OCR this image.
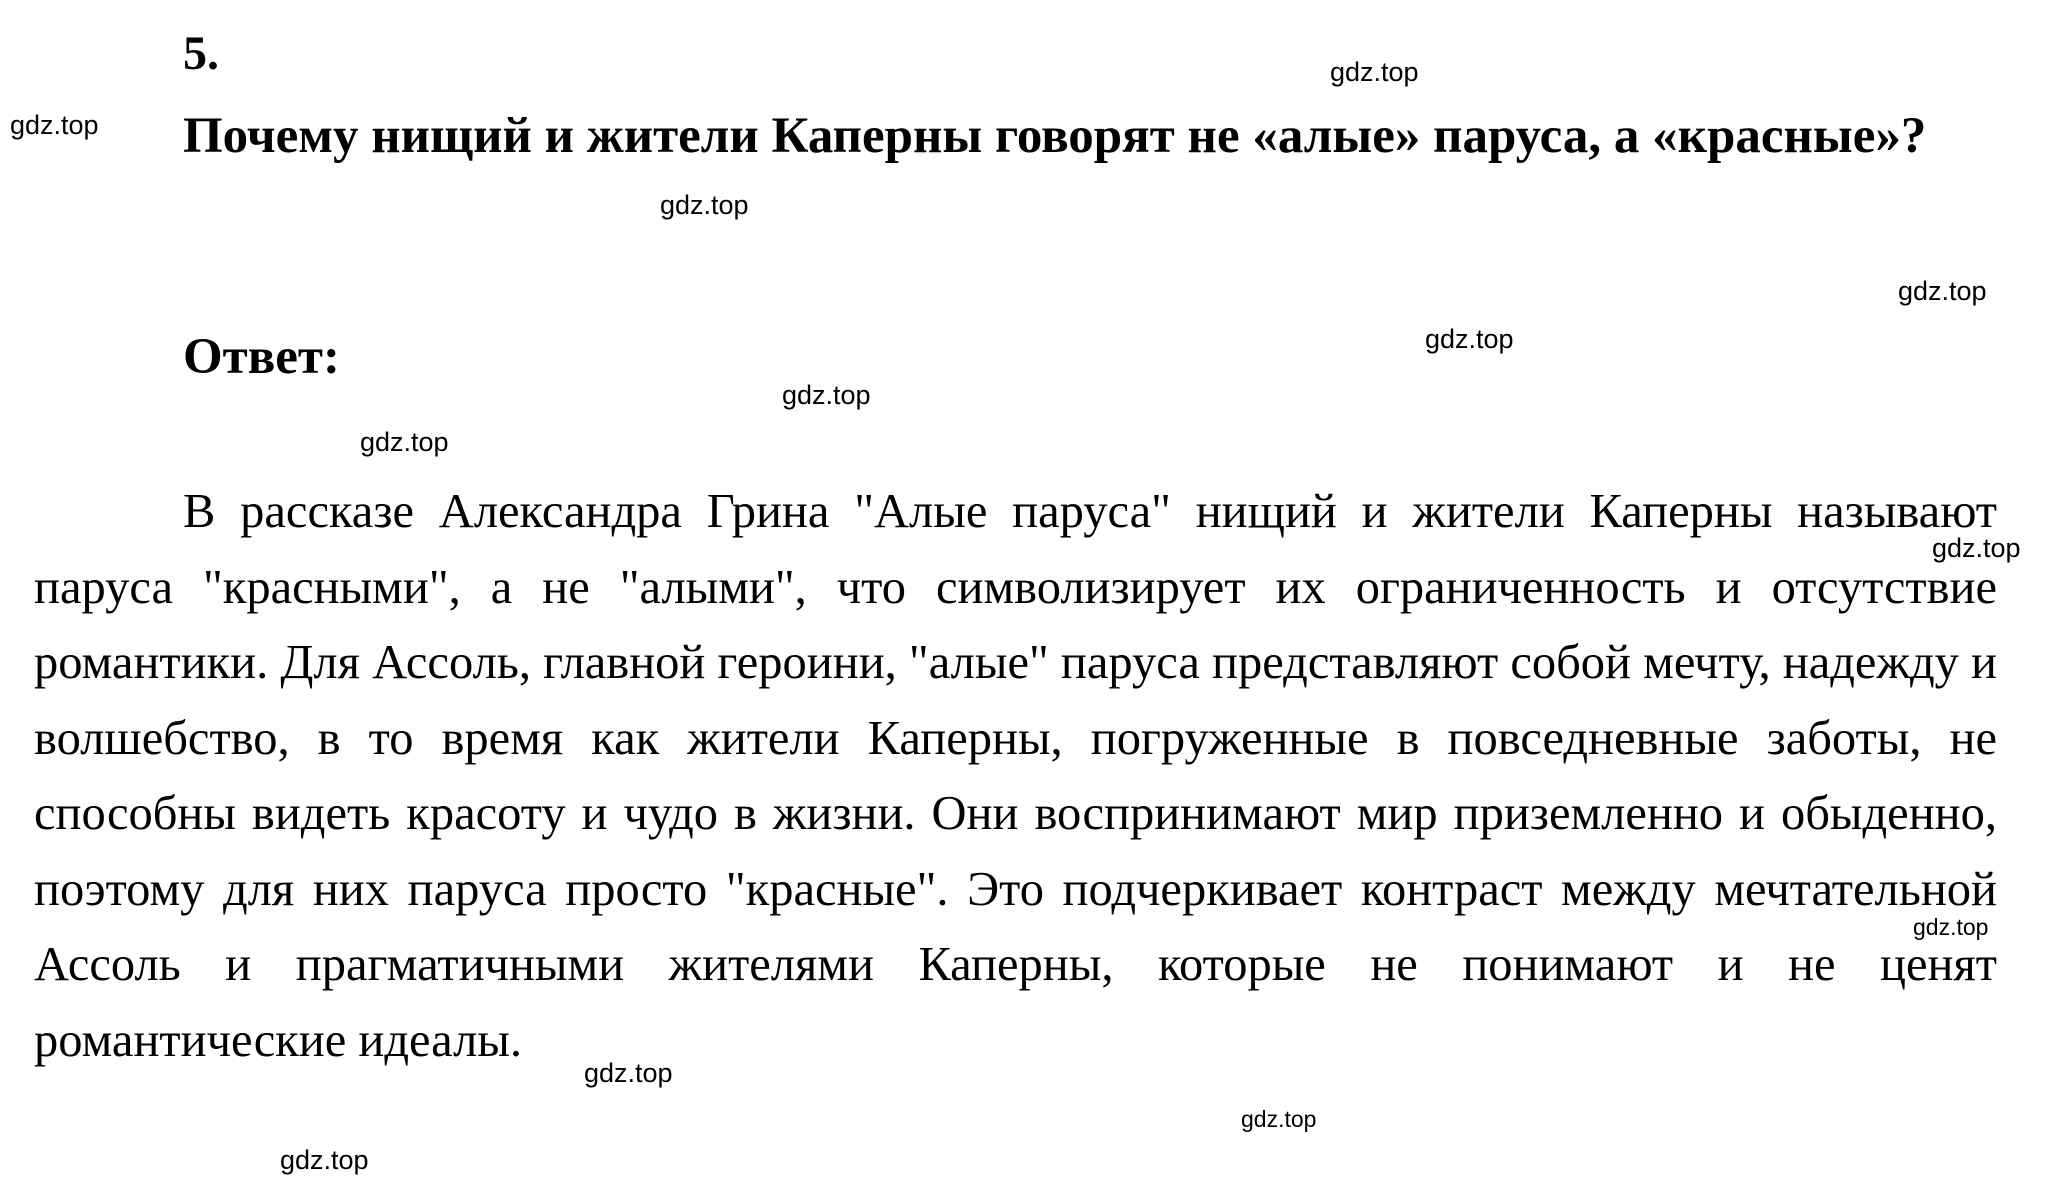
5.

Почему нищий и жители Каперны говорят не «алые» паруса, а «красные»?

Ответ:

В рассказе Александра Грина "Алые паруса" нищий и жители Каперны называют паруса "красными", а не "алыми", что символизирует их ограниченность и отсутствие романтики. Для Ассоль, главной героини, "алые" паруса представляют собой мечту, надежду и волшебство, в то время как жители Каперны, погруженные в повседневные заботы, не способны видеть красоту и чудо в жизни. Они воспринимают мир приземленно и обыденно, поэтому для них паруса просто "красные". Это подчеркивает контраст между мечтательной Ассоль и прагматичными жителями Каперны, которые не понимают и не ценят романтические идеалы.

gdz.top
gdz.top
gdz.top
gdz.top
gdz.top
gdz.top
gdz.top
gdz.top
gdz.top
gdz.top
gdz.top
gdz.top
